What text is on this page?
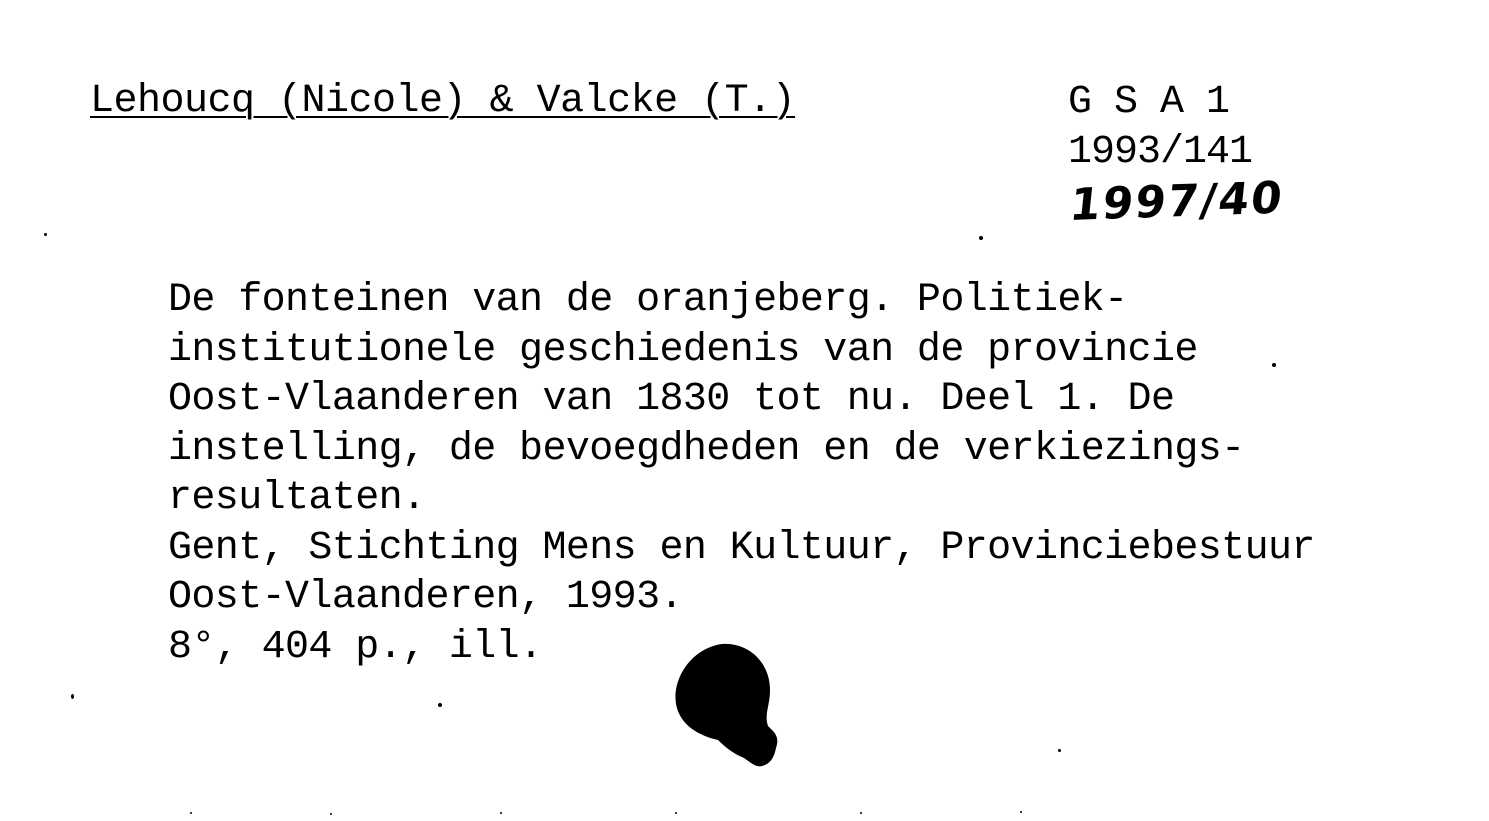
Lehoucq (Nicole) & Valcke (T.)	G S A 1
1993/141
1997/40
De fonteinen van de oranjeberg. Politiek-
institutionele geschiedenis van de provincie
Oost-Vlaanderen van 1830 tot nu. Deel 1. De
instelling, de bevoegdheden en de verkiezings-
resultaten.
Gent, Stichting Mens en Kultuur, Provinciebestuur
Oost-Vlaanderen, 1993.
8°, 404 p., ill.
